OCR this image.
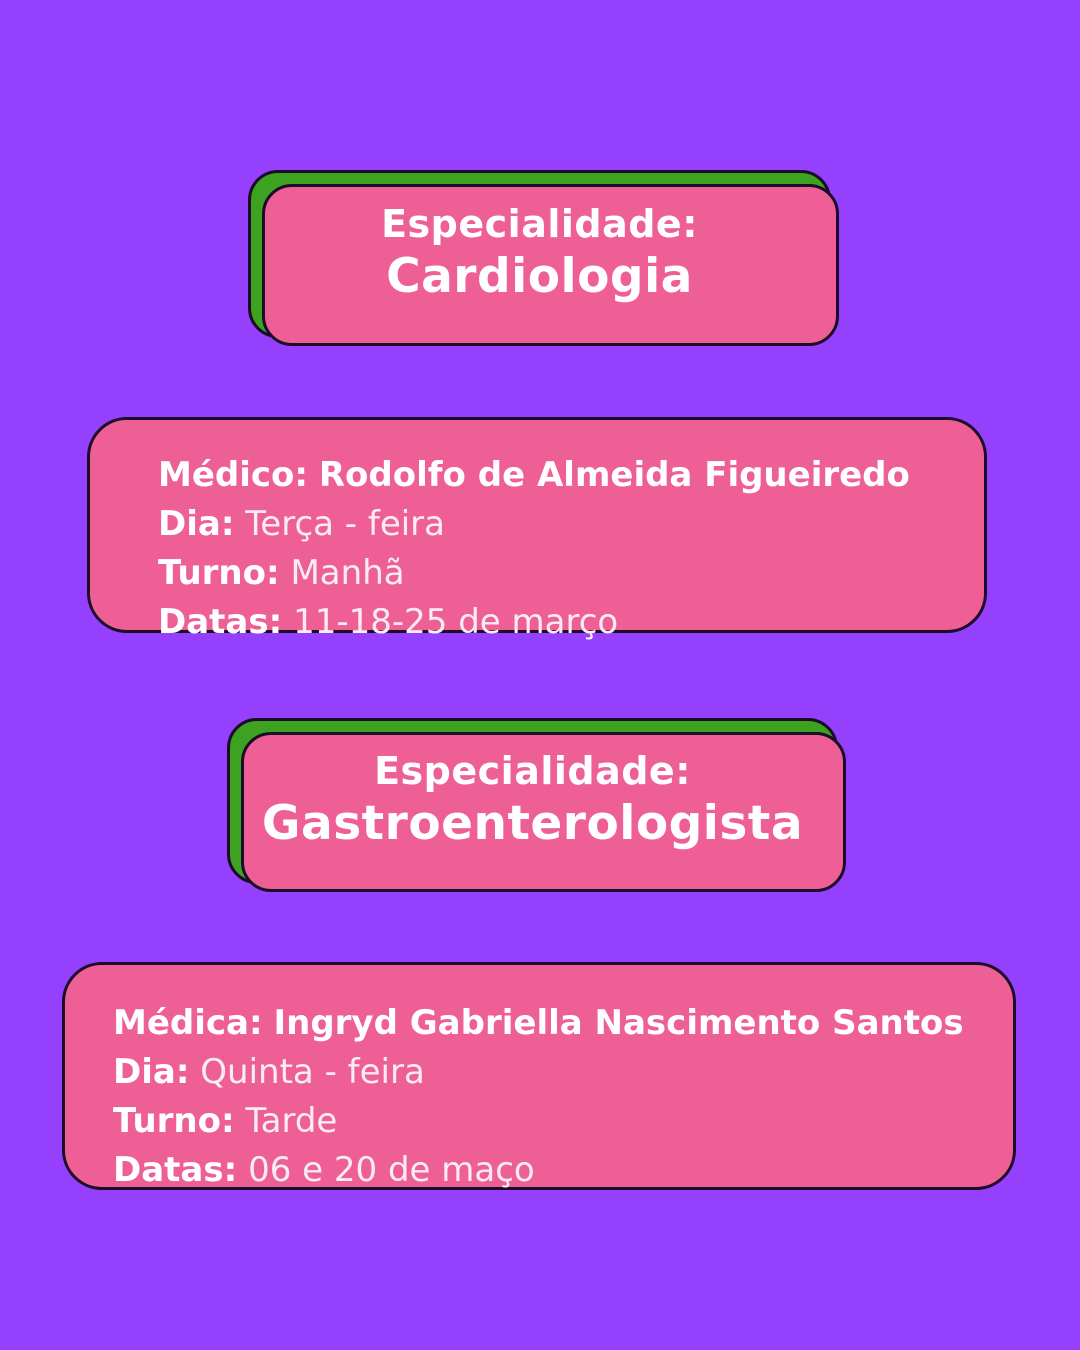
Especialidade:
Cardiologia
Médico: Rodolfo de Almeida Figueiredo
Dia: Terça - feira
Turno: Manhã
Datas: 11-18-25 de março
Especialidade:
Gastroenterologista
Médica: Ingryd Gabriella Nascimento Santos
Dia: Quinta - feira
Turno: Tarde
Datas: 06 e 20 de maço
